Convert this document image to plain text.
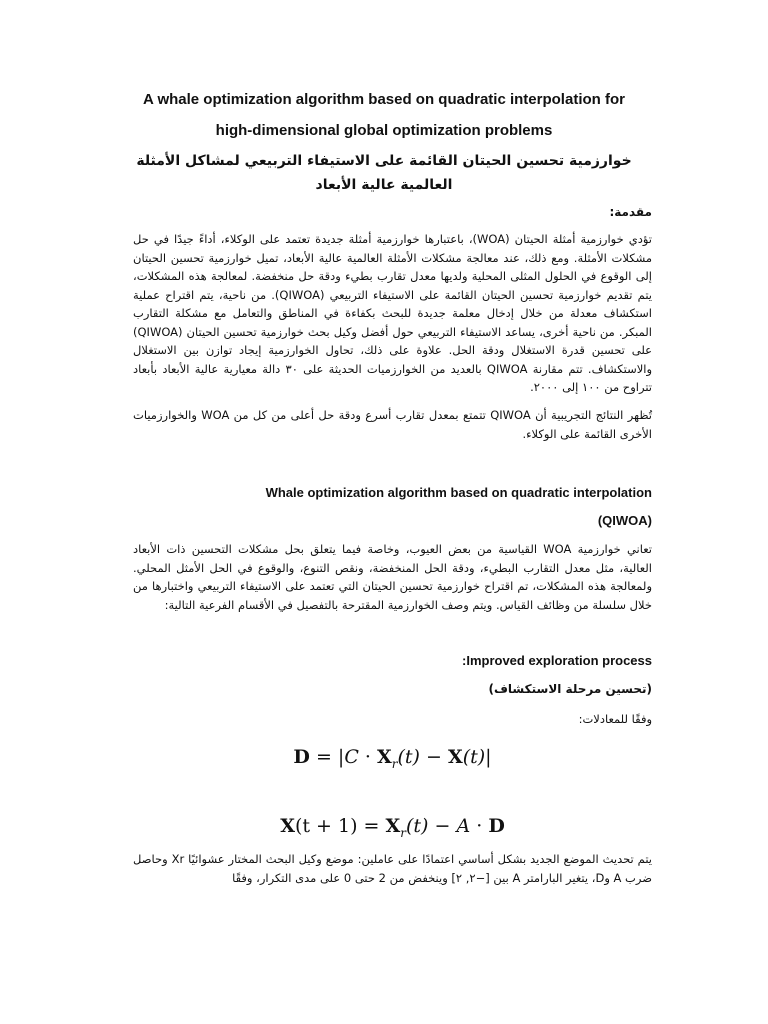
A whale optimization algorithm based on quadratic interpolation for
high-dimensional global optimization problems
خوارزمية تحسين الحيتان القائمة على الاستيفاء التربيعي لمشاكل الأمثلة العالمية عالية الأبعاد
مقدمة:
تؤدي خوارزمية أمثلة الحيتان (WOA)، باعتبارها خوارزمية أمثلة جديدة تعتمد على الوكلاء، أداءً جيدًا في حل مشكلات الأمثلة. ومع ذلك، عند معالجة مشكلات الأمثلة العالمية عالية الأبعاد، تميل خوارزمية تحسين الحيتان إلى الوقوع في الحلول المثلى المحلية ولديها معدل تقارب بطيء ودقة حل منخفضة. لمعالجة هذه المشكلات، يتم تقديم خوارزمية تحسين الحيتان القائمة على الاستيفاء التربيعي (QIWOA). من ناحية، يتم اقتراح عملية استكشاف معدلة من خلال إدخال معلمة جديدة للبحث بكفاءة في المناطق والتعامل مع مشكلة التقارب المبكر. من ناحية أخرى، يساعد الاستيفاء التربيعي حول أفضل وكيل بحث خوارزمية تحسين الحيتان (QIWOA) على تحسين قدرة الاستغلال ودقة الحل. علاوة على ذلك، تحاول الخوارزمية إيجاد توازن بين الاستغلال والاستكشاف. تتم مقارنة QIWOA بالعديد من الخوارزميات الحديثة على ٣٠ دالة معيارية عالية الأبعاد بأبعاد تتراوح من ١٠٠ إلى ٢٠٠٠.
تُظهر النتائج التجريبية أن QIWOA تتمتع بمعدل تقارب أسرع ودقة حل أعلى من كل من WOA والخوارزميات الأخرى القائمة على الوكلاء.
Whale optimization algorithm based on quadratic interpolation
(QIWOA)
تعاني خوارزمية WOA القياسية من بعض العيوب، وخاصة فيما يتعلق بحل مشكلات التحسين ذات الأبعاد العالية، مثل معدل التقارب البطيء، ودقة الحل المنخفضة، ونقص التنوع، والوقوع في الحل الأمثل المحلي. ولمعالجة هذه المشكلات، تم اقتراح خوارزمية تحسين الحيتان التي تعتمد على الاستيفاء التربيعي واختبارها من خلال سلسلة من وظائف القياس. ويتم وصف الخوارزمية المقترحة بالتفصيل في الأقسام الفرعية التالية:
:Improved exploration process
(تحسين مرحلة الاستكشاف)
وفقًا للمعادلات:
$D = |C \cdot X_r(t) - X(t)|$
$X(t + 1) = X_r(t) - A \cdot D$
يتم تحديث الموضع الجديد بشكل أساسي اعتمادًا على عاملين: موضع وكيل البحث المختار عشوائيًا Xr وحاصل ضرب A وD، يتغير البارامتر A بين [−٢, ٢] وينخفض من 2 حتى 0 على مدى التكرار، وفقًا
